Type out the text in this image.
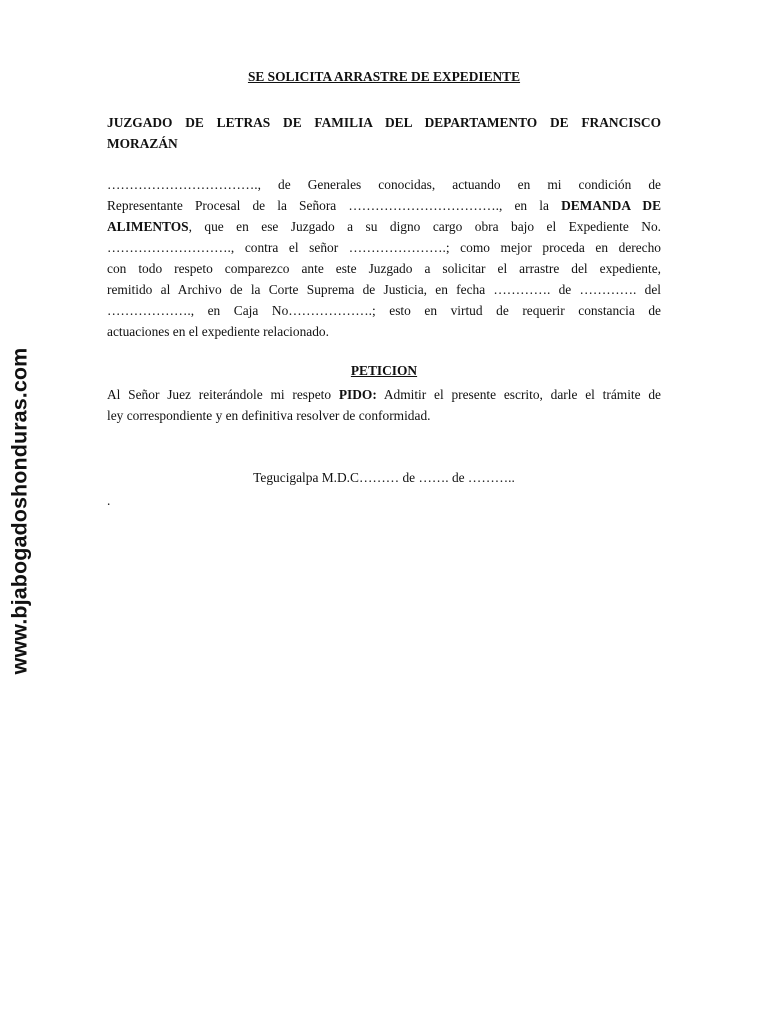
www.bjabogadoshonduras.com
SE SOLICITA ARRASTRE DE EXPEDIENTE
JUZGADO DE LETRAS DE FAMILIA DEL DEPARTAMENTO DE FRANCISCO
MORAZÁN
……………………………., de Generales conocidas, actuando en mi condición de
Representante Procesal de la Señora ……………………………., en la DEMANDA DE
ALIMENTOS, que en ese Juzgado a su digno cargo obra bajo el Expediente No.
………………………., contra el señor ………………….; como mejor proceda en derecho
con todo respeto comparezco ante este Juzgado a solicitar el arrastre del expediente,
remitido al Archivo de la Corte Suprema de Justicia, en fecha …………. de …………. del
………………., en Caja No……………….; esto en virtud de requerir constancia de
actuaciones en el expediente relacionado.
PETICION
Al Señor Juez reiterándole mi respeto PIDO: Admitir el presente escrito, darle el trámite de
ley correspondiente y en definitiva resolver de conformidad.
Tegucigalpa M.D.C……… de ……. de ………..
.
